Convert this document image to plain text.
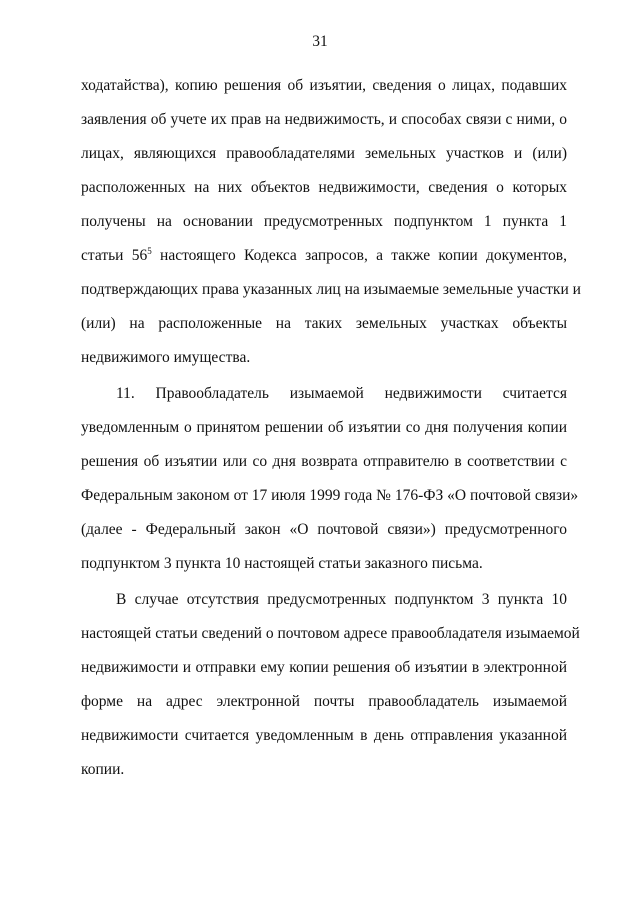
31
ходатайства), копию решения об изъятии, сведения о лицах, подавших
заявления об учете их прав на недвижимость, и способах связи с ними, о
лицах, являющихся правообладателями земельных участков и (или)
расположенных на них объектов недвижимости, сведения о которых
получены на основании предусмотренных подпунктом 1 пункта 1
статьи $56^5$ настоящего Кодекса запросов, а также копии документов,
подтверждающих права указанных лиц на изымаемые земельные участки и
(или) на расположенные на таких земельных участках объекты
недвижимого имущества.
11. Правообладатель изымаемой недвижимости считается
уведомленным о принятом решении об изъятии со дня получения копии
решения об изъятии или со дня возврата отправителю в соответствии с
Федеральным законом от 17 июля 1999 года № 176-ФЗ «О почтовой связи»
(далее - Федеральный закон «О почтовой связи») предусмотренного
подпунктом 3 пункта 10 настоящей статьи заказного письма.
В случае отсутствия предусмотренных подпунктом 3 пункта 10
настоящей статьи сведений о почтовом адресе правообладателя изымаемой
недвижимости и отправки ему копии решения об изъятии в электронной
форме на адрес электронной почты правообладатель изымаемой
недвижимости считается уведомленным в день отправления указанной
копии.
